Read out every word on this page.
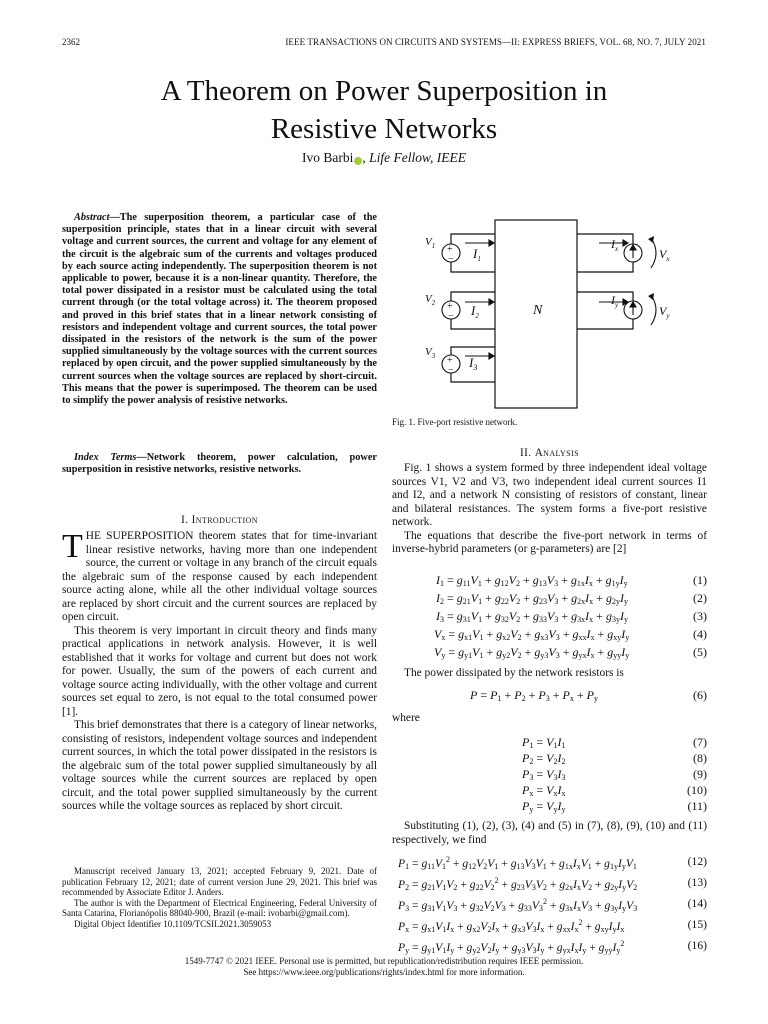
2362	IEEE TRANSACTIONS ON CIRCUITS AND SYSTEMS—II: EXPRESS BRIEFS, VOL. 68, NO. 7, JULY 2021
A Theorem on Power Superposition in
Resistive Networks
Ivo Barbi , Life Fellow, IEEE

Abstract—The superposition theorem, a particular case of the superposition principle, states that in a linear circuit with several voltage and current sources, the current and voltage for any element of the circuit is the algebraic sum of the currents and voltages produced by each source acting independently. The superposition theorem is not applicable to power, because it is a non-linear quantity. Therefore, the total power dissipated in a resistor must be calculated using the total current through (or the total voltage across) it. The theorem proposed and proved in this brief states that in a linear network consisting of resistors and independent voltage and current sources, the total power dissipated in the resistors of the network is the sum of the power supplied simultaneously by the voltage sources with the current sources replaced by open circuit, and the power supplied simultaneously by the current sources when the voltage sources are replaced by short-circuit. This means that the power is superimposed. The theorem can be used to simplify the power analysis of resistive networks.

Index Terms—Network theorem, power calculation, power superposition in resistive networks, resistive networks.

I. Introduction

THE SUPERPOSITION theorem states that for time-invariant linear resistive networks, having more than one independent source, the current or voltage in any branch of the circuit equals the algebraic sum of the response caused by each independent source acting alone, while all the other individual voltage sources are replaced by short circuit and the current sources are replaced by open circuit.

This theorem is very important in circuit theory and finds many practical applications in network analysis. However, it is well established that it works for voltage and current but does not work for power. Usually, the sum of the powers of each current and voltage source acting individually, with the other voltage and current sources set equal to zero, is not equal to the total consumed power [1].

This brief demonstrates that there is a category of linear networks, consisting of resistors, independent voltage sources and independent current sources, in which the total power dissipated in the resistors is the algebraic sum of the total power supplied simultaneously by all voltage sources while the current sources are replaced by open circuit, and the total power supplied simultaneously by the current sources while the voltage sources as replaced by short circuit.

Manuscript received January 13, 2021; accepted February 9, 2021. Date of publication February 12, 2021; date of current version June 29, 2021. This brief was recommended by Associate Editor J. Anders.

The author is with the Department of Electrical Engineering, Federal University of Santa Catarina, Florianópolis 88040-900, Brazil (e-mail: ivobarbi@gmail.com).

Digital Object Identifier 10.1109/TCSII.2021.3059053

+
−
+
−
+
−
$V_1$
$V_2$
$V_3$
$I_1$
$I_2$
$I_3$
$I_x$
$I_y$
$V_x$
$V_y$
N
Fig. 1. Five-port resistive network.
II. Analysis

Fig. 1 shows a system formed by three independent ideal voltage sources V1, V2 and V3, two independent ideal current sources I1 and I2, and a network N consisting of resistors of constant, linear and bilateral resistances. The system forms a five-port resistive network.

The equations that describe the five-port network in terms of inverse-hybrid parameters (or g-parameters) are [2]

$I_1 = g_{11}V_1 + g_{12}V_2 + g_{13}V_3 + g_{1x}I_x + g_{1y}I_y$	(1)
$I_2 = g_{21}V_1 + g_{22}V_2 + g_{23}V_3 + g_{2x}I_x + g_{2y}I_y$	(2)
$I_3 = g_{31}V_1 + g_{32}V_2 + g_{33}V_3 + g_{3x}I_x + g_{3y}I_y$	(3)
$V_x = g_{x1}V_1 + g_{x2}V_2 + g_{x3}V_3 + g_{xx}I_x + g_{xy}I_y$	(4)
$V_y = g_{y1}V_1 + g_{y2}V_2 + g_{y3}V_3 + g_{yx}I_x + g_{yy}I_y$	(5)

The power dissipated by the network resistors is

$P = P_1 + P_2 + P_3 + P_x + P_y$	(6)
where
$P_1 = V_1I_1$	(7)
$P_2 = V_2I_2$	(8)
$P_3 = V_3I_3$	(9)
$P_x = V_xI_x$	(10)
$P_y = V_yI_y$	(11)

Substituting (1), (2), (3), (4) and (5) in (7), (8), (9), (10) and (11) respectively, we find

$P_1 = g_{11}V_1^2 + g_{12}V_2V_1 + g_{13}V_3V_1 + g_{1x}I_xV_1 + g_{1y}I_yV_1$	(12)
$P_2 = g_{21}V_1V_2 + g_{22}V_2^2 + g_{23}V_3V_2 + g_{2x}I_xV_2 + g_{2y}I_yV_2$	(13)
$P_3 = g_{31}V_1V_3 + g_{32}V_2V_3 + g_{33}V_3^2 + g_{3x}I_xV_3 + g_{3y}I_yV_3$	(14)
$P_x = g_{x1}V_1I_x + g_{x2}V_2I_x + g_{x3}V_3I_x + g_{xx}I_x^2 + g_{xy}I_yI_x$	(15)
$P_y = g_{y1}V_1I_y + g_{y2}V_2I_y + g_{y3}V_3I_y + g_{yx}I_xI_y + g_{yy}I_y^2$	(16)
1549-7747 © 2021 IEEE. Personal use is permitted, but republication/redistribution requires IEEE permission.
See https://www.ieee.org/publications/rights/index.html for more information.
